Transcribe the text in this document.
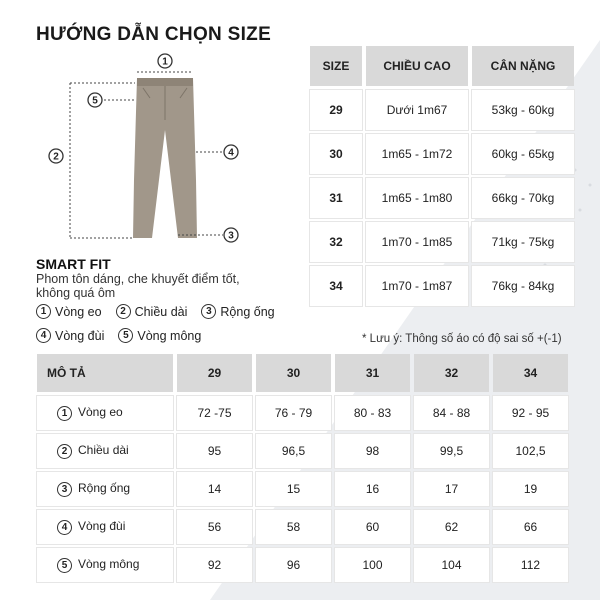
HƯỚNG DẪN CHỌN SIZE
1
2
3
4
5
SIZE	CHIỀU CAO	CÂN NẶNG
29	Dưới 1m67	53kg - 60kg
30	1m65 - 1m72	60kg - 65kg
31	1m65 - 1m80	66kg - 70kg
32	1m70 - 1m85	71kg - 75kg
34	1m70 - 1m87	76kg - 84kg
SMART FIT
Phom tôn dáng, che khuyết điểm tốt, không quá ôm
1 Vòng eo	2 Chiều dài	3 Rộng ống
4 Vòng đùi	5 Vòng mông	* Lưu ý: Thông số áo có độ sai số +(-1)
MÔ TẢ	29	30	31	32	34
1 Vòng eo	72 -75	76 - 79	80 - 83	84 - 88	92 - 95
2 Chiều dài	95	96,5	98	99,5	102,5
3 Rộng ống	14	15	16	17	19
4 Vòng đùi	56	58	60	62	66
5 Vòng mông	92	96	100	104	112
